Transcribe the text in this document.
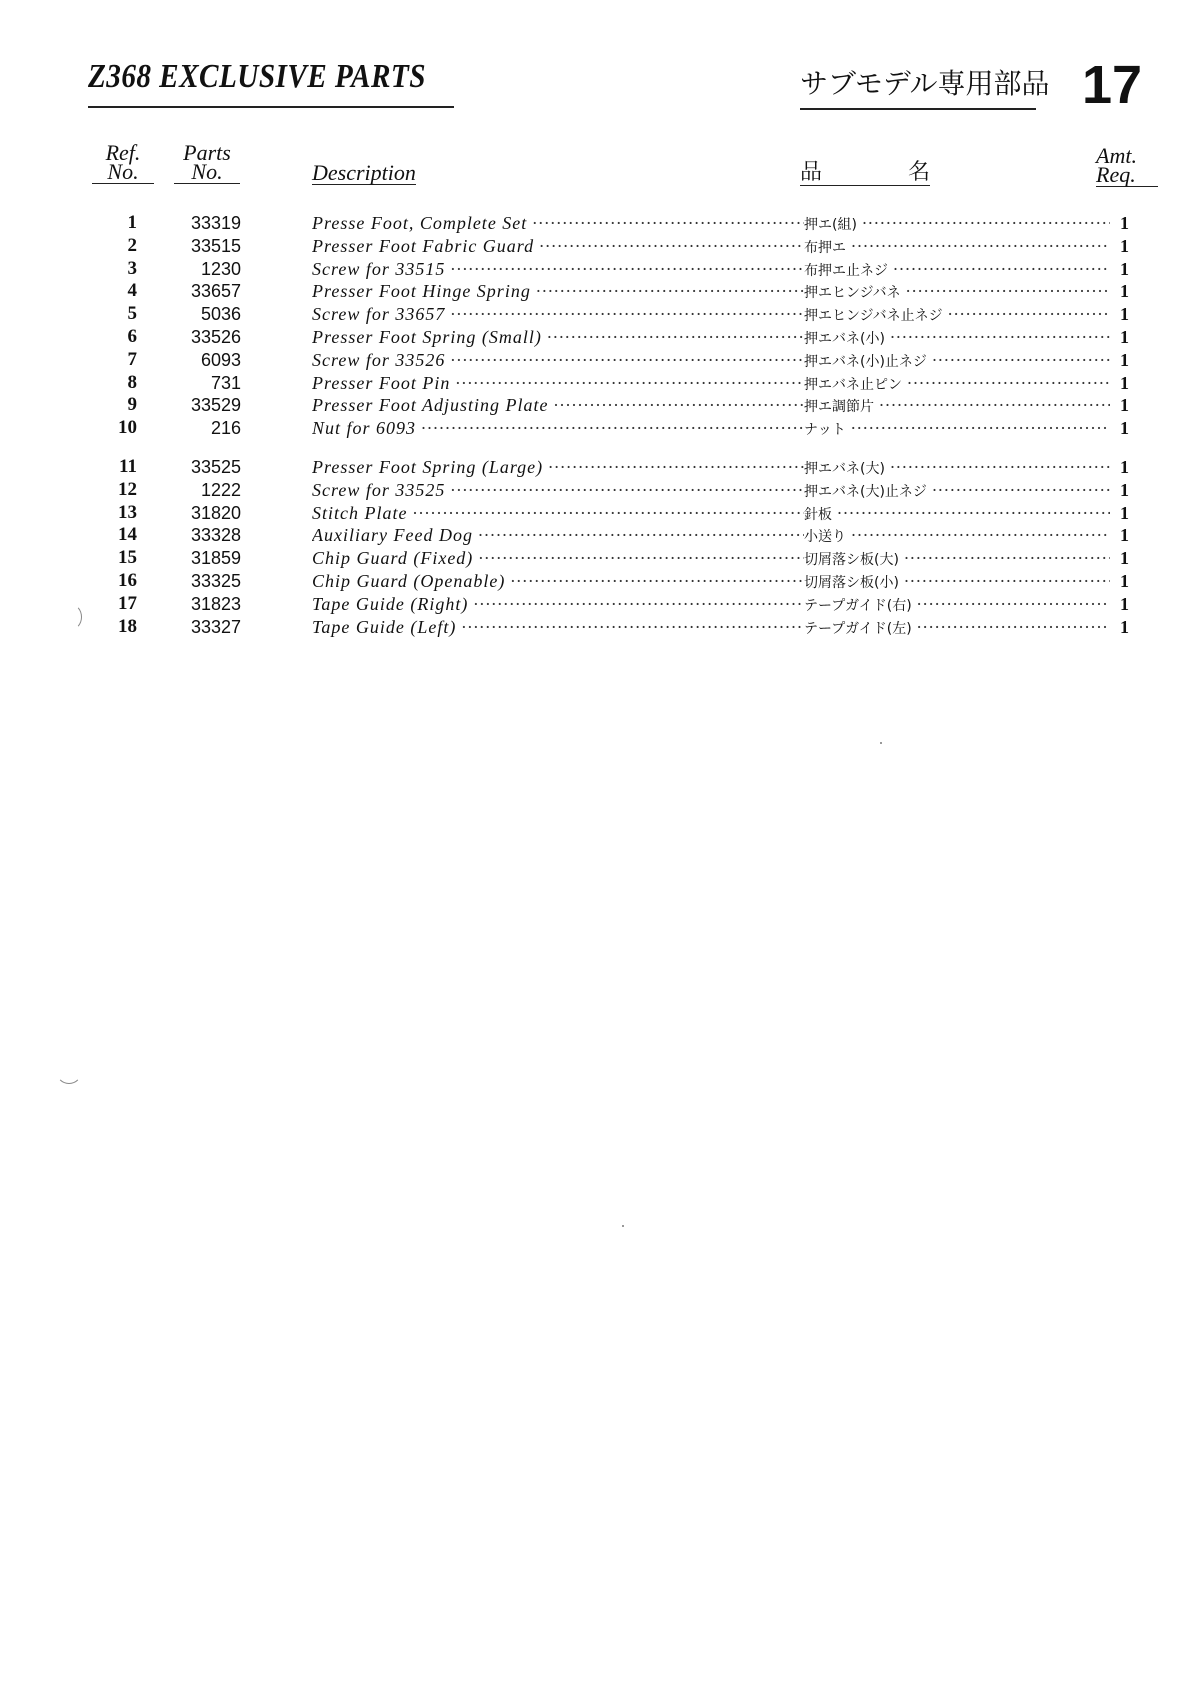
Z368 EXCLUSIVE PARTS	サブモデル専用部品 17
Ref.
No.
Parts
No.	Description	品	名
Amt.
Req.
1	33319	Presse Foot, Complete Set ·····	押エ(組) ·····	1
2	33515	Presser Foot Fabric Guard ·····	布押エ ·····	1
3	1230	Screw for 33515 ·····	布押エ止ネジ ·····	1
4	33657	Presser Foot Hinge Spring ·····	押エヒンジバネ ·····	1
5	5036	Screw for 33657 ·····	押エヒンジバネ止ネジ ·····	1
6	33526	Presser Foot Spring (Small) ·····	押エバネ(小) ·····	1
7	6093	Screw for 33526 ·····	押エバネ(小)止ネジ ·····	1
8	731	Presser Foot Pin ·····	押エバネ止ピン ·····	1
9	33529	Presser Foot Adjusting Plate ·····	押エ調節片 ·····	1
10	216	Nut for 6093 ·····	ナット ·····	1
11	33525	Presser Foot Spring (Large) ·····	押エバネ(大) ·····	1
12	1222	Screw for 33525 ·····	押エバネ(大)止ネジ ·····	1
13	31820	Stitch Plate ·····	針板 ·····	1
14	33328	Auxiliary Feed Dog ·····	小送り ·····	1
15	31859	Chip Guard (Fixed) ·····	切屑落シ板(大) ·····	1
16	33325	Chip Guard (Openable) ·····	切屑落シ板(小) ·····	1
17	31823	Tape Guide (Right) ·····	テープガイド(右) ·····	1
18	33327	Tape Guide (Left) ·····	テープガイド(左) ·····	1
